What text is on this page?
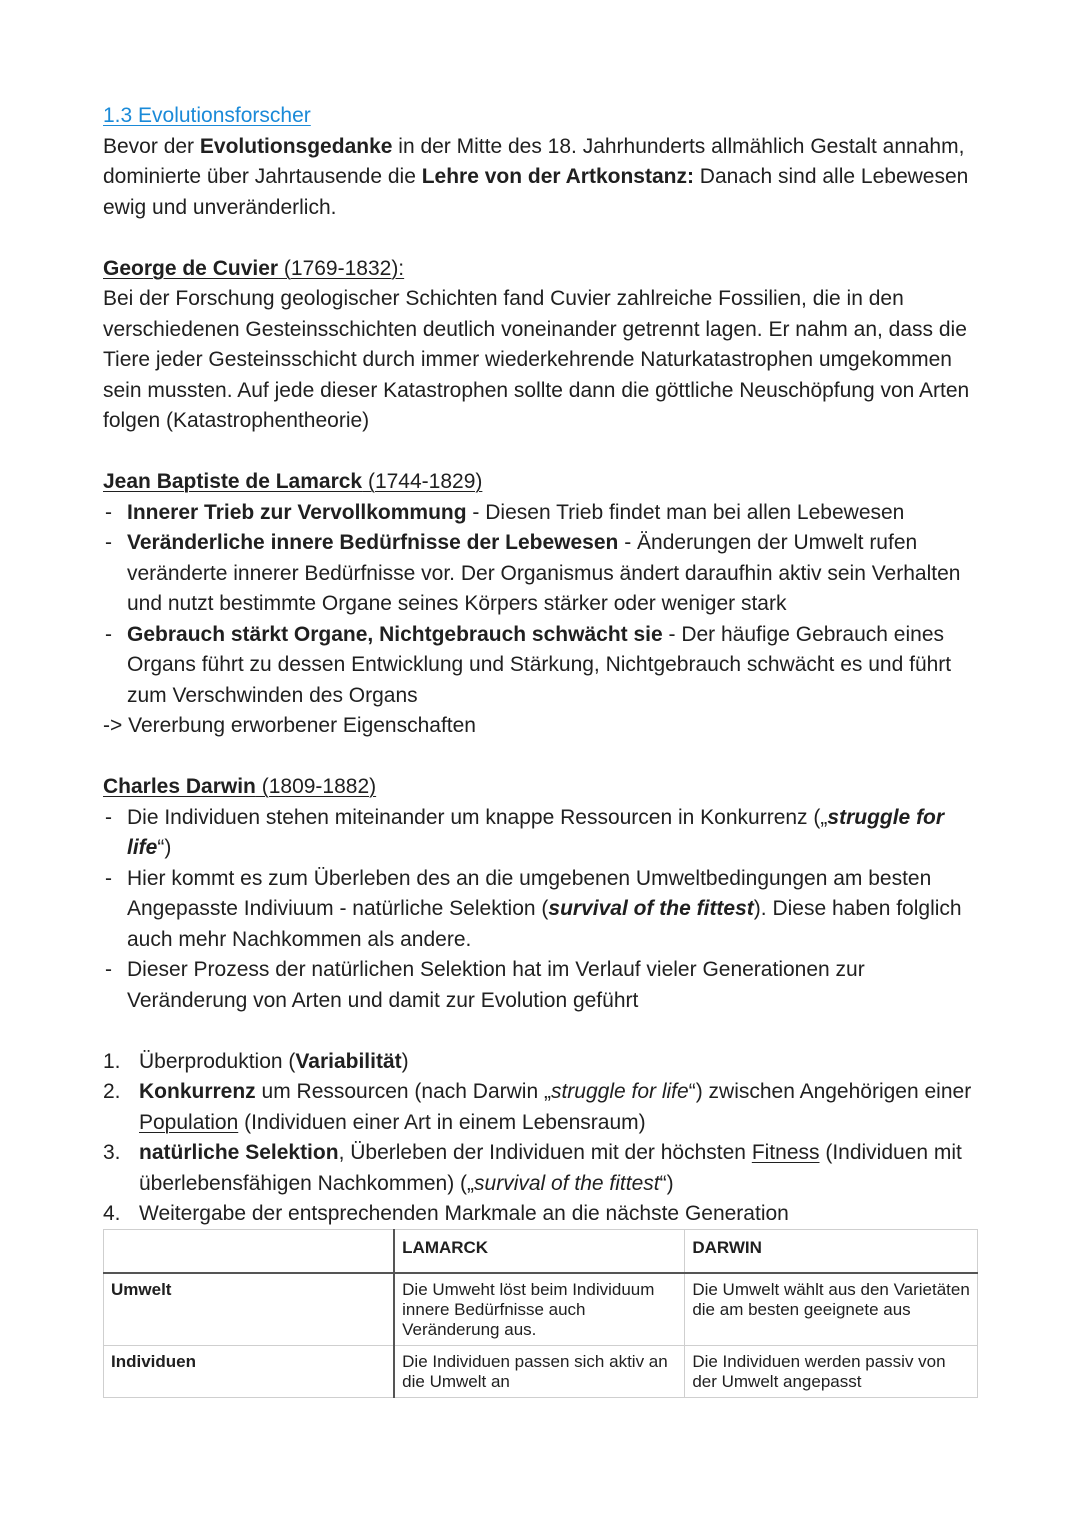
1.3 Evolutionsforscher

Bevor der Evolutionsgedanke in der Mitte des 18. Jahrhunderts allmählich Gestalt annahm, dominierte über Jahrtausende die Lehre von der Artkonstanz: Danach sind alle Lebewesen ewig und unveränderlich.

George de Cuvier (1769-1832):

Bei der Forschung geologischer Schichten fand Cuvier zahlreiche Fossilien, die in den verschiedenen Gesteinsschichten deutlich voneinander getrennt lagen. Er nahm an, dass die Tiere jeder Gesteinsschicht durch immer wiederkehrende Naturkatastrophen umgekommen sein mussten. Auf jede dieser Katastrophen sollte dann die göttliche Neuschöpfung von Arten folgen (Katastrophentheorie)

Jean Baptiste de Lamarck (1744-1829)

- Innerer Trieb zur Vervollkommung - Diesen Trieb findet man bei allen Lebewesen
- Veränderliche innere Bedürfnisse der Lebewesen - Änderungen der Umwelt rufen veränderte innerer Bedürfnisse vor. Der Organismus ändert daraufhin aktiv sein Verhalten und nutzt bestimmte Organe seines Körpers stärker oder weniger stark
- Gebrauch stärkt Organe, Nichtgebrauch schwächt sie - Der häufige Gebrauch eines Organs führt zu dessen Entwicklung und Stärkung, Nichtgebrauch schwächt es und führt zum Verschwinden des Organs

-> Vererbung erworbener Eigenschaften

Charles Darwin (1809-1882)

- Die Individuen stehen miteinander um knappe Ressourcen in Konkurrenz („struggle for life“)
- Hier kommt es zum Überleben des an die umgebenen Umweltbedingungen am besten Angepasste Indiviuum - natürliche Selektion (survival of the fittest). Diese haben folglich auch mehr Nachkommen als andere.
- Dieser Prozess der natürlichen Selektion hat im Verlauf vieler Generationen zur Veränderung von Arten und damit zur Evolution geführt
1. Überproduktion (Variabilität)
2. Konkurrenz um Ressourcen (nach Darwin „struggle for life“) zwischen Angehörigen einer Population (Individuen einer Art in einem Lebensraum)
3. natürliche Selektion, Überleben der Individuen mit der höchsten Fitness (Individuen mit überlebensfähigen Nachkommen) („survival of the fittest“)
4. Weitergabe der entsprechenden Markmale an die nächste Generation
	LAMARCK	DARWIN
Umwelt	Die Umweht löst beim Individuum innere Bedürfnisse auch Veränderung aus.	Die Umwelt wählt aus den Varietäten die am besten geeignete aus
Individuen	Die Individuen passen sich aktiv an die Umwelt an	Die Individuen werden passiv von der Umwelt angepasst
